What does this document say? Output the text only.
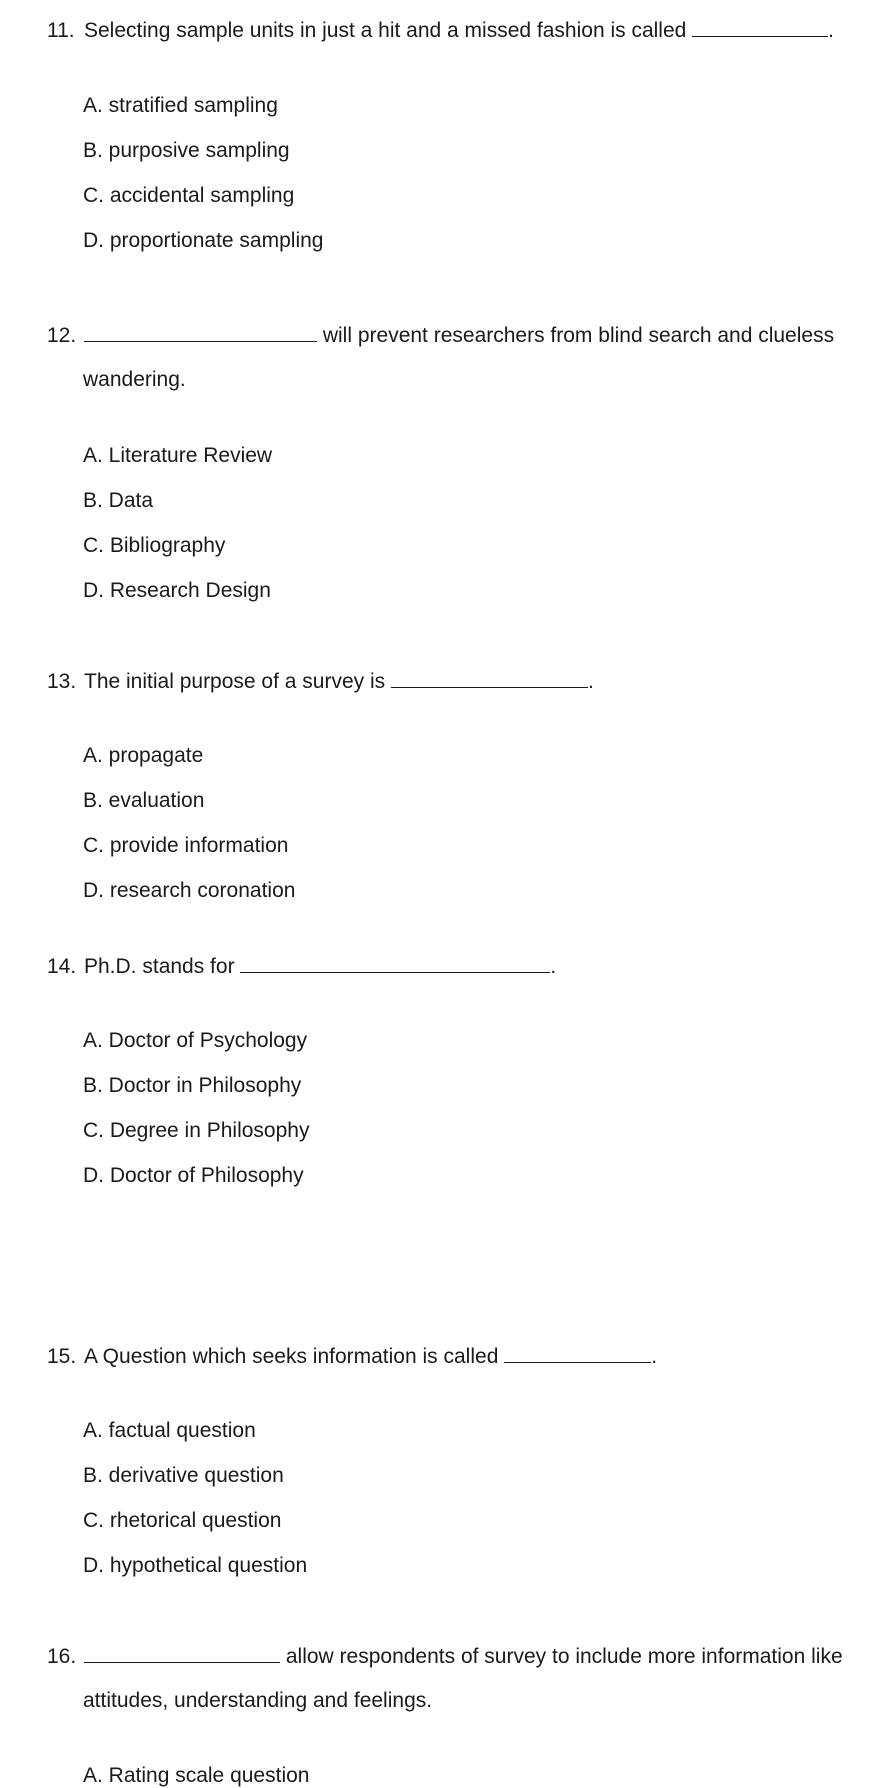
11. Selecting sample units in just a hit and a missed fashion is called	.
A. stratified sampling
B. purposive sampling
C. accidental sampling
D. proportionate sampling
12.	will prevent researchers from blind search and clueless
wandering.
A. Literature Review
B. Data
C. Bibliography
D. Research Design
13. The initial purpose of a survey is	.
A. propagate
B. evaluation
C. provide information
D. research coronation
14. Ph.D. stands for	.
A. Doctor of Psychology
B. Doctor in Philosophy
C. Degree in Philosophy
D. Doctor of Philosophy
15. A Question which seeks information is called	.
A. factual question
B. derivative question
C. rhetorical question
D. hypothetical question
16.	allow respondents of survey to include more information like
attitudes, understanding and feelings.
A. Rating scale question
